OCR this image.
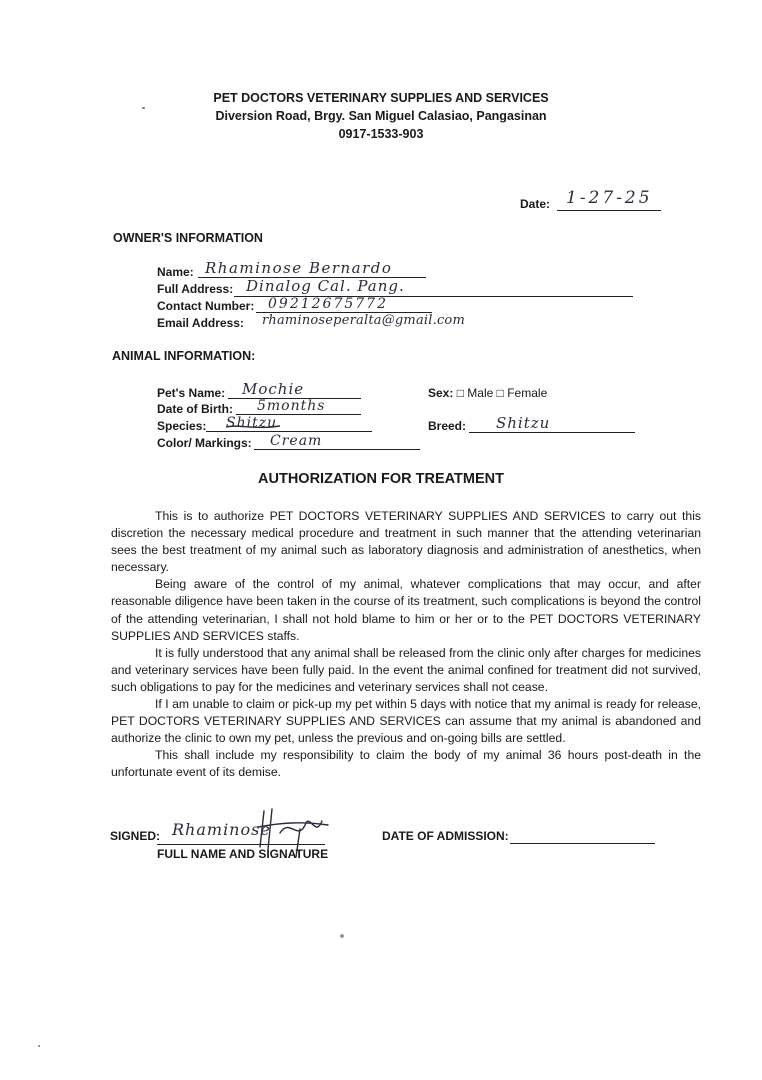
PET DOCTORS VETERINARY SUPPLIES AND SERVICES
Diversion Road, Brgy. San Miguel Calasiao, Pangasinan
0917-1533-903
Date: 1-27-25
OWNER'S INFORMATION
Name: Rhaminose Bernardo
Full Address: Dinalog Cal. Pang.
Contact Number: 09212675772
Email Address: rhaminoseperalta@gmail.com
ANIMAL INFORMATION:
Pet's Name: Mochie
Date of Birth: 5months
Species: Shitzu
Color/ Markings: Cream
Sex: □ Male □ Female
Breed: Shitzu
AUTHORIZATION FOR TREATMENT

This is to authorize PET DOCTORS VETERINARY SUPPLIES AND SERVICES to carry out this discretion the necessary medical procedure and treatment in such manner that the attending veterinarian sees the best treatment of my animal such as laboratory diagnosis and administration of anesthetics, when necessary.

Being aware of the control of my animal, whatever complications that may occur, and after reasonable diligence have been taken in the course of its treatment, such complications is beyond the control of the attending veterinarian, I shall not hold blame to him or her or to the PET DOCTORS VETERINARY SUPPLIES AND SERVICES staffs.

It is fully understood that any animal shall be released from the clinic only after charges for medicines and veterinary services have been fully paid. In the event the animal confined for treatment did not survived, such obligations to pay for the medicines and veterinary services shall not cease.

If I am unable to claim or pick-up my pet within 5 days with notice that my animal is ready for release, PET DOCTORS VETERINARY SUPPLIES AND SERVICES can assume that my animal is abandoned and authorize the clinic to own my pet, unless the previous and on-going bills are settled.

This shall include my responsibility to claim the body of my animal 36 hours post-death in the unfortunate event of its demise.

SIGNED: Rhaminose
FULL NAME AND SIGNATURE
DATE OF ADMISSION:
